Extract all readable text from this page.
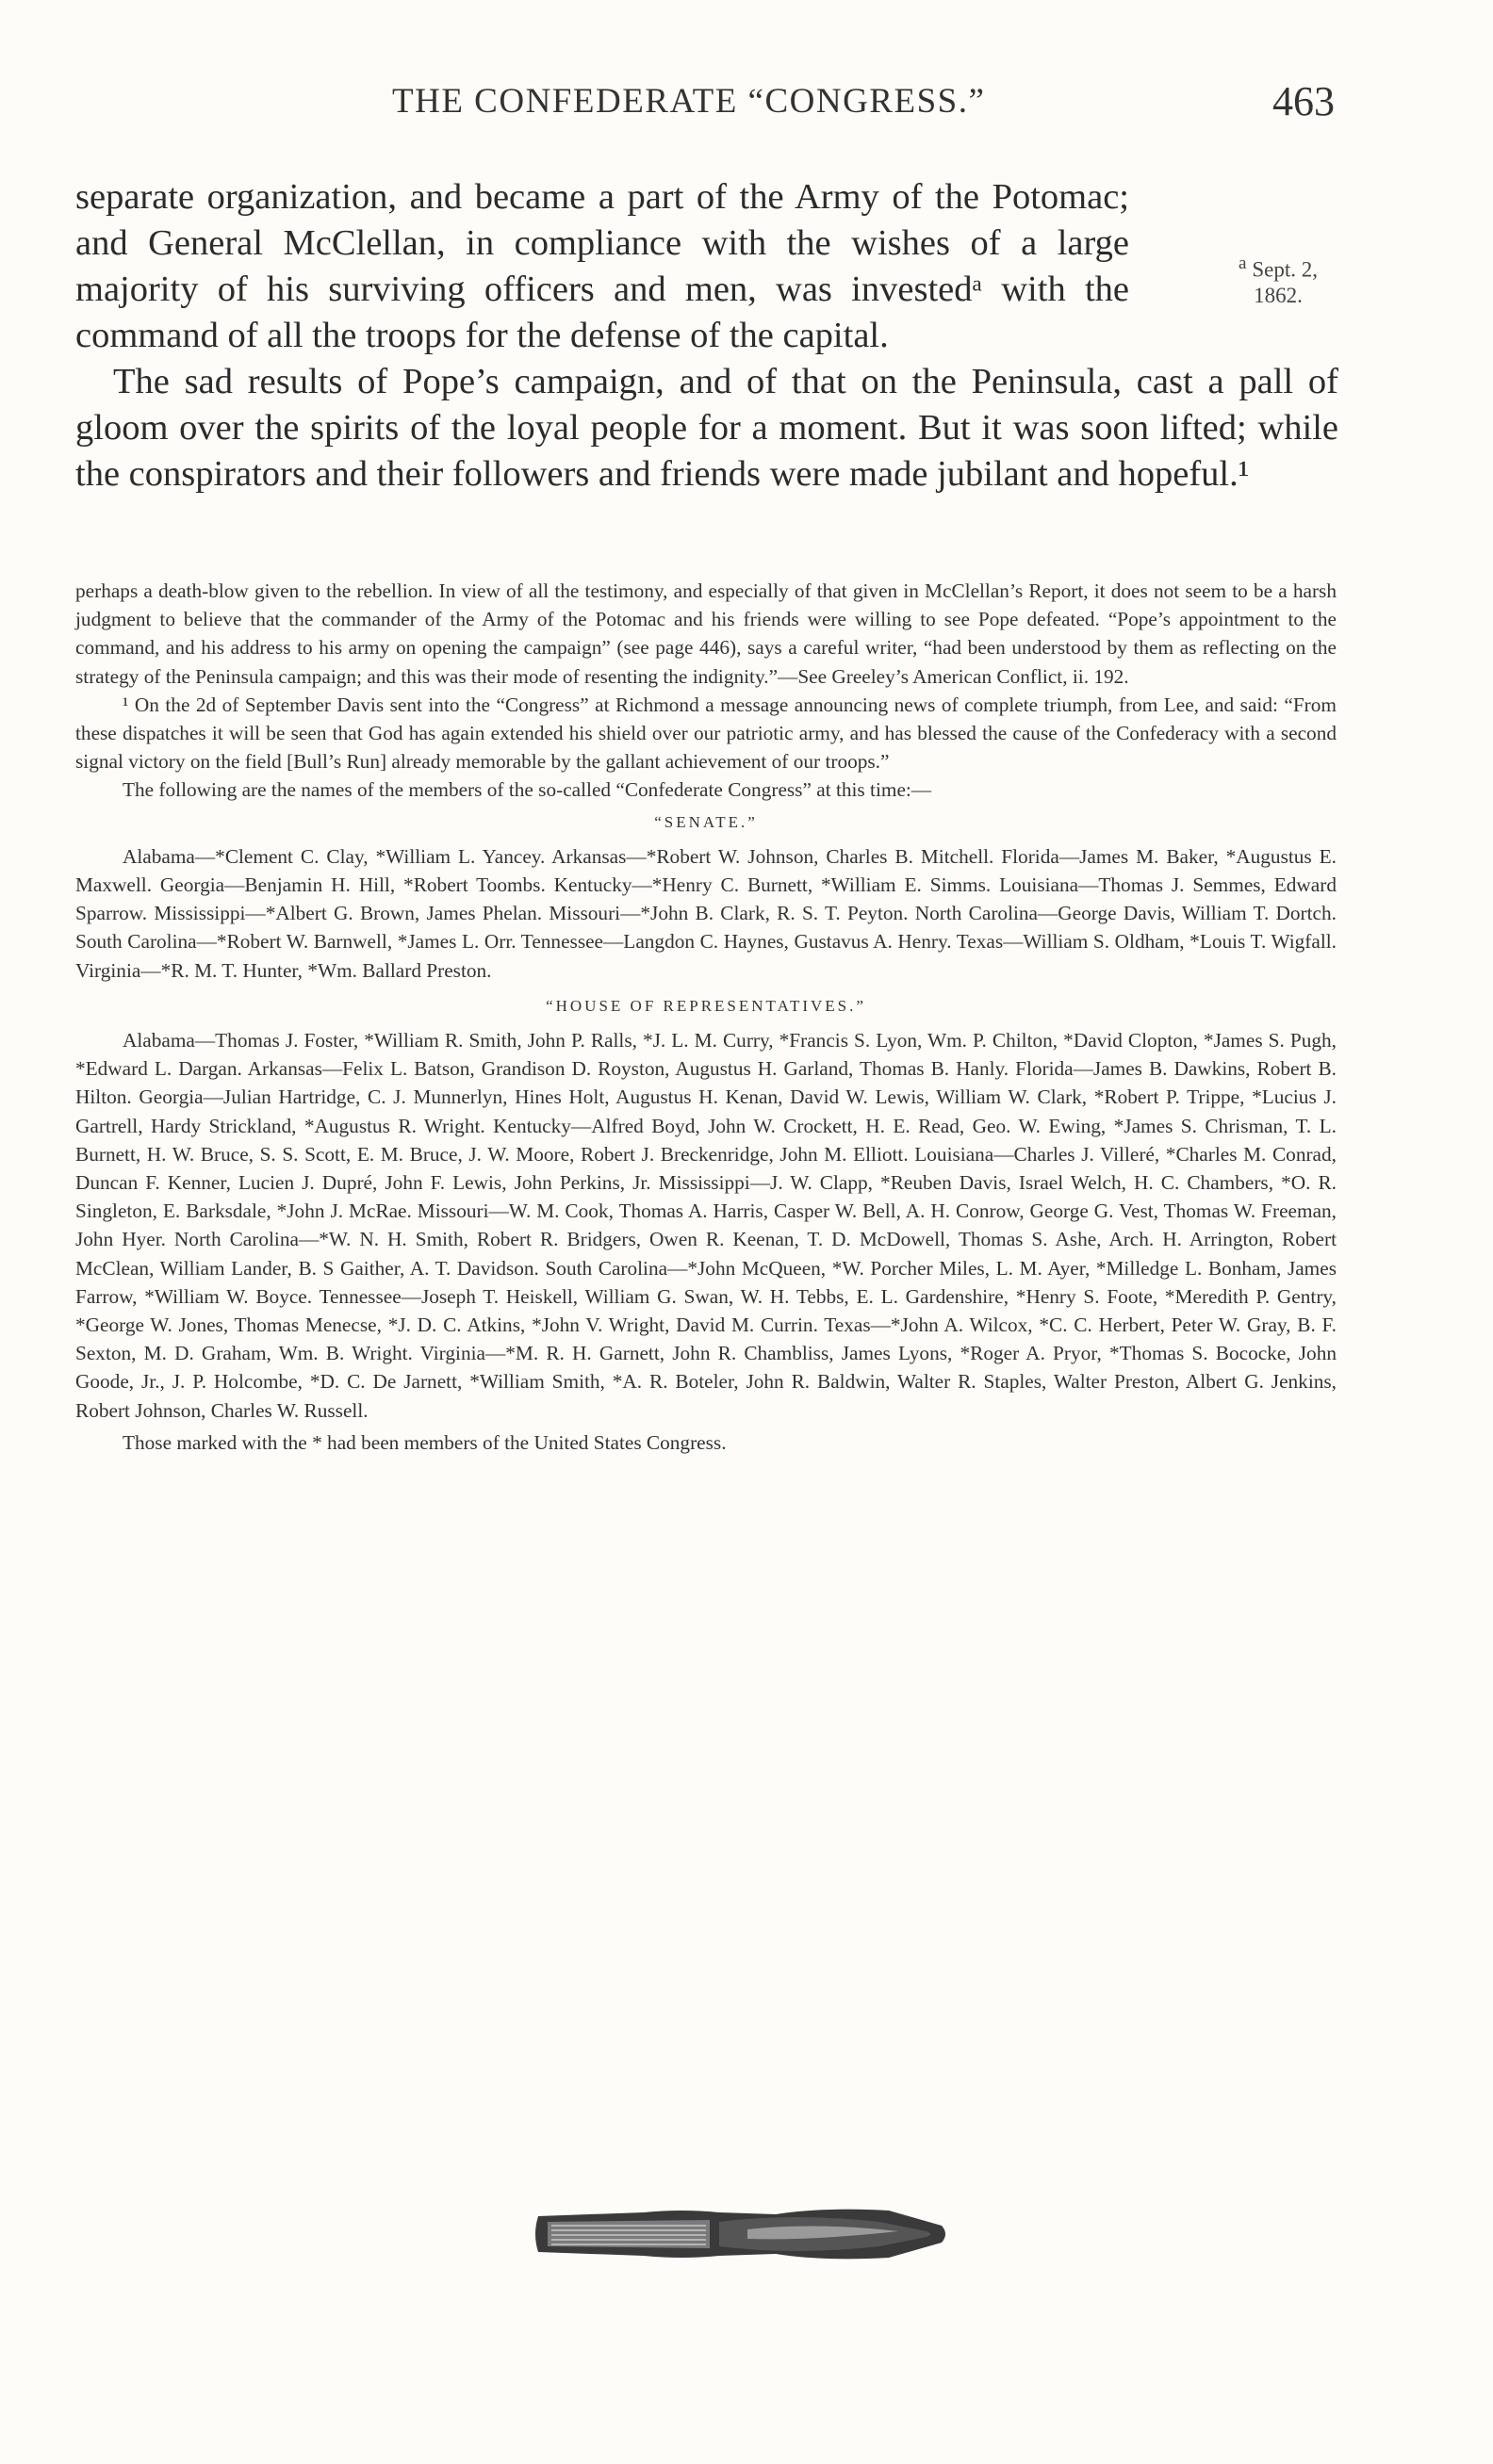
THE CONFEDERATE “CONGRESS.”	463

separate organization, and became a part of the Army of the Potomac; and General McClellan, in compliance with the wishes of a large majority of his surviving officers and men, was investedᵃ with the command of all the troops for the defense of the capital.

The sad results of Pope’s campaign, and of that on the Peninsula, cast a pall of gloom over the spirits of the loyal people for a moment. But it was soon lifted; while the conspirators and their followers and friends were made jubilant and hopeful.¹

$^a$ Sept. 2,
1862.

perhaps a death-blow given to the rebellion. In view of all the testimony, and especially of that given in McClellan’s Report, it does not seem to be a harsh judgment to believe that the commander of the Army of the Potomac and his friends were willing to see Pope defeated. “Pope’s appointment to the command, and his address to his army on opening the campaign” (see page 446), says a careful writer, “had been understood by them as reflecting on the strategy of the Peninsula campaign; and this was their mode of resenting the indignity.”—See Greeley’s American Conflict, ii. 192.

¹ On the 2d of September Davis sent into the “Congress” at Richmond a message announcing news of complete triumph, from Lee, and said: “From these dispatches it will be seen that God has again extended his shield over our patriotic army, and has blessed the cause of the Confederacy with a second signal victory on the field [Bull’s Run] already memorable by the gallant achievement of our troops.”

The following are the names of the members of the so-called “Confederate Congress” at this time:—

“SENATE.”

Alabama—*Clement C. Clay, *William L. Yancey. Arkansas—*Robert W. Johnson, Charles B. Mitchell. Florida—James M. Baker, *Augustus E. Maxwell. Georgia—Benjamin H. Hill, *Robert Toombs. Kentucky—*Henry C. Burnett, *William E. Simms. Louisiana—Thomas J. Semmes, Edward Sparrow. Mississippi—*Albert G. Brown, James Phelan. Missouri—*John B. Clark, R. S. T. Peyton. North Carolina—George Davis, William T. Dortch. South Carolina—*Robert W. Barnwell, *James L. Orr. Tennessee—Langdon C. Haynes, Gustavus A. Henry. Texas—William S. Oldham, *Louis T. Wigfall. Virginia—*R. M. T. Hunter, *Wm. Ballard Preston.

“HOUSE OF REPRESENTATIVES.”

Alabama—Thomas J. Foster, *William R. Smith, John P. Ralls, *J. L. M. Curry, *Francis S. Lyon, Wm. P. Chilton, *David Clopton, *James S. Pugh, *Edward L. Dargan. Arkansas—Felix L. Batson, Grandison D. Royston, Augustus H. Garland, Thomas B. Hanly. Florida—James B. Dawkins, Robert B. Hilton. Georgia—Julian Hartridge, C. J. Munnerlyn, Hines Holt, Augustus H. Kenan, David W. Lewis, William W. Clark, *Robert P. Trippe, *Lucius J. Gartrell, Hardy Strickland, *Augustus R. Wright. Kentucky—Alfred Boyd, John W. Crockett, H. E. Read, Geo. W. Ewing, *James S. Chrisman, T. L. Burnett, H. W. Bruce, S. S. Scott, E. M. Bruce, J. W. Moore, Robert J. Breckenridge, John M. Elliott. Louisiana—Charles J. Villeré, *Charles M. Conrad, Duncan F. Kenner, Lucien J. Dupré, John F. Lewis, John Perkins, Jr. Mississippi—J. W. Clapp, *Reuben Davis, Israel Welch, H. C. Chambers, *O. R. Singleton, E. Barksdale, *John J. McRae. Missouri—W. M. Cook, Thomas A. Harris, Casper W. Bell, A. H. Conrow, George G. Vest, Thomas W. Freeman, John Hyer. North Carolina—*W. N. H. Smith, Robert R. Bridgers, Owen R. Keenan, T. D. McDowell, Thomas S. Ashe, Arch. H. Arrington, Robert McClean, William Lander, B. S Gaither, A. T. Davidson. South Carolina—*John McQueen, *W. Porcher Miles, L. M. Ayer, *Milledge L. Bonham, James Farrow, *William W. Boyce. Tennessee—Joseph T. Heiskell, William G. Swan, W. H. Tebbs, E. L. Gardenshire, *Henry S. Foote, *Meredith P. Gentry, *George W. Jones, Thomas Menecse, *J. D. C. Atkins, *John V. Wright, David M. Currin. Texas—*John A. Wilcox, *C. C. Herbert, Peter W. Gray, B. F. Sexton, M. D. Graham, Wm. B. Wright. Virginia—*M. R. H. Garnett, John R. Chambliss, James Lyons, *Roger A. Pryor, *Thomas S. Bococke, John Goode, Jr., J. P. Holcombe, *D. C. De Jarnett, *William Smith, *A. R. Boteler, John R. Baldwin, Walter R. Staples, Walter Preston, Albert G. Jenkins, Robert Johnson, Charles W. Russell.

Those marked with the * had been members of the United States Congress.
